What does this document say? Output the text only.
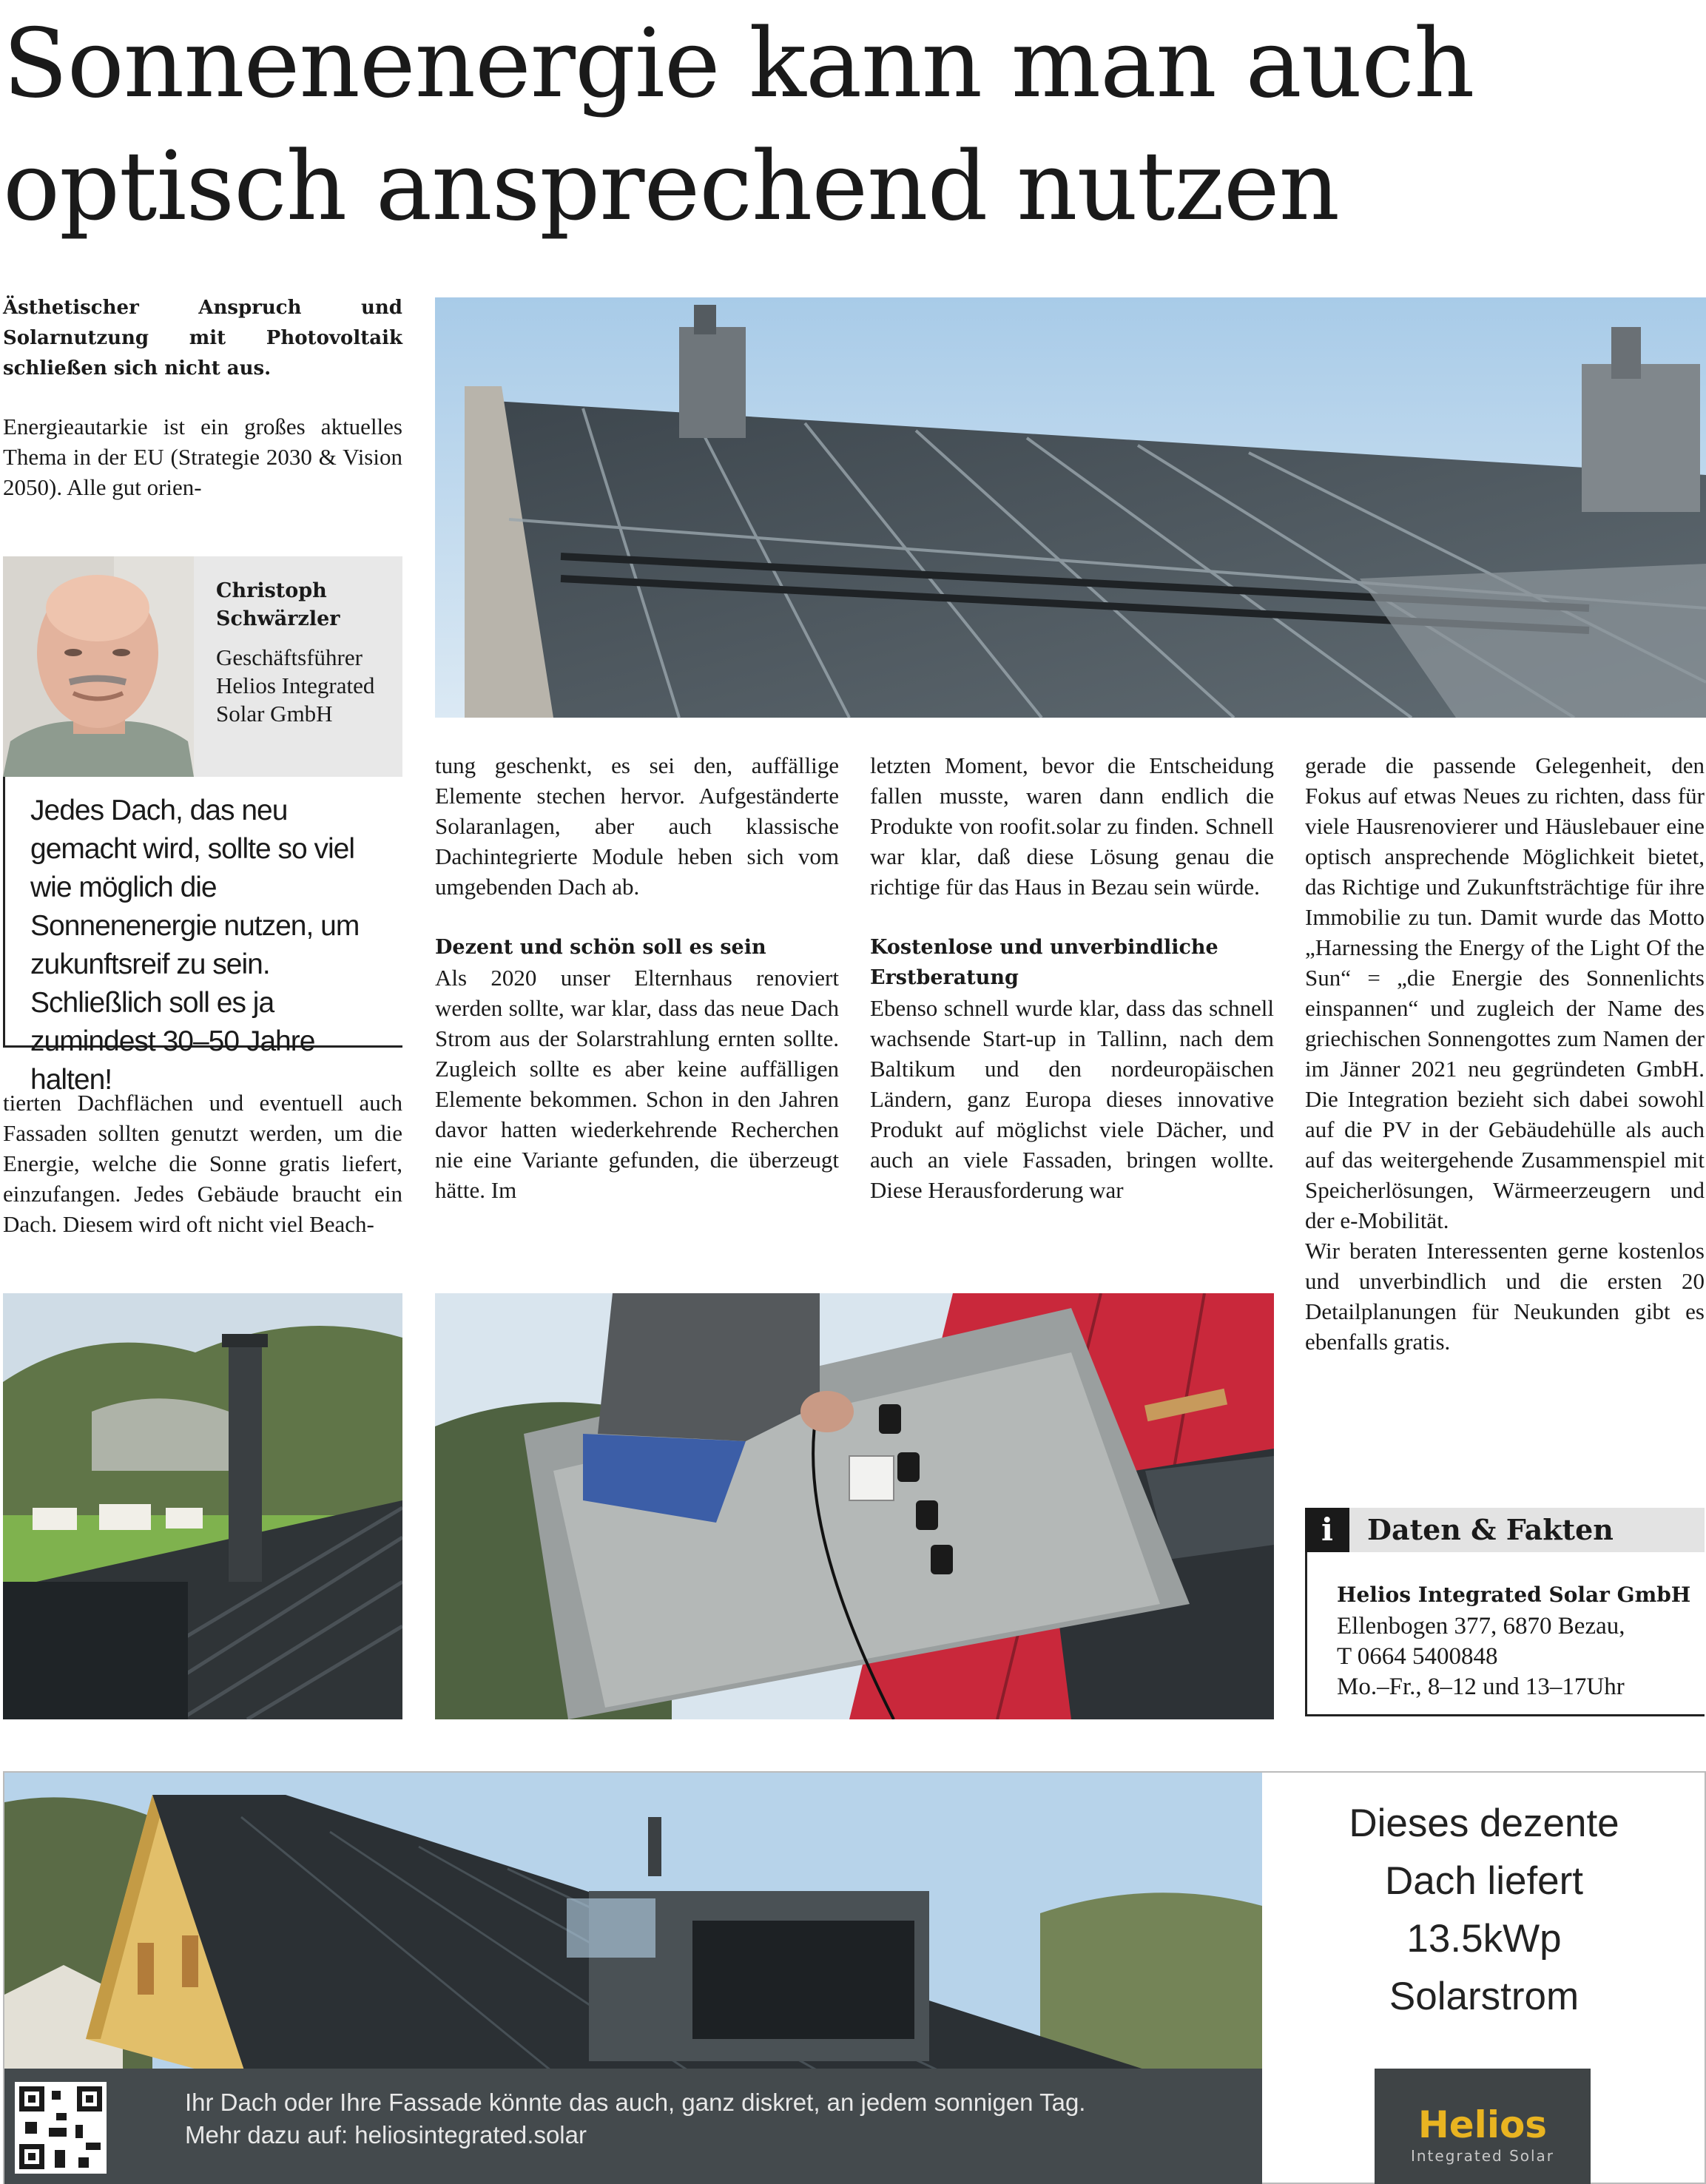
Sonnenenergie kann man auch
optisch ansprechend nutzen

Ästhetischer Anspruch und Solarnutzung mit Photovoltaik schließen sich nicht aus.

Energieautarkie ist ein großes aktuelles Thema in der EU (Strategie 2030 & Vision 2050). Alle gut orien-

Christoph Schwärzler

Geschäftsführer Helios Integrated Solar GmbH

Jedes Dach, das neu gemacht wird, sollte so viel wie möglich die Sonnenenergie nutzen, um zukunftsreif zu sein. Schließlich soll es ja zumindest 30–50 Jahre halten!

tierten Dachflächen und eventuell auch Fassaden sollten genutzt werden, um die Energie, welche die Sonne gratis liefert, einzufangen. Jedes Gebäude braucht ein Dach. Diesem wird oft nicht viel Beach-

tung geschenkt, es sei den, auffällige Elemente stechen hervor. Aufgeständerte Solaranlagen, aber auch klassische Dachintegrierte Module heben sich vom umgebenden Dach ab.

Dezent und schön soll es sein

Als 2020 unser Elternhaus renoviert werden sollte, war klar, dass das neue Dach Strom aus der Solarstrahlung ernten sollte. Zugleich sollte es aber keine auffälligen Elemente bekommen. Schon in den Jahren davor hatten wiederkehrende Recherchen nie eine Variante gefunden, die überzeugt hätte. Im

letzten Moment, bevor die Entscheidung fallen musste, waren dann endlich die Produkte von roofit.solar zu finden. Schnell war klar, daß diese Lösung genau die richtige für das Haus in Bezau sein würde.

Kostenlose und unverbindliche Erstberatung

Ebenso schnell wurde klar, dass das schnell wachsende Start-up in Tallinn, nach dem Baltikum und den nordeuropäischen Ländern, ganz Europa dieses innovative Produkt auf möglichst viele Dächer, und auch an viele Fassaden, bringen wollte. Diese Herausforderung war

gerade die passende Gelegenheit, den Fokus auf etwas Neues zu richten, dass für viele Hausrenovierer und Häuslebauer eine optisch ansprechende Möglichkeit bietet, das Richtige und Zukunftsträchtige für ihre Immobilie zu tun. Damit wurde das Motto „Harnessing the Energy of the Light Of the Sun“ = „die Energie des Sonnenlichts einspannen“ und zugleich der Name des griechischen Sonnengottes zum Namen der im Jänner 2021 neu gegründeten GmbH. Die Integration bezieht sich dabei sowohl auf die PV in der Gebäudehülle als auch auf das weitergehende Zusammenspiel mit Speicherlösungen, Wärmeerzeugern und der e-Mobilität.

Wir beraten Interessenten gerne kostenlos und unverbindlich und die ersten 20 Detailplanungen für Neukunden gibt es ebenfalls gratis.

i	Daten & Fakten

Helios Integrated Solar GmbH

Ellenbogen 377, 6870 Bezau,

T 0664 5400848

Mo.–Fr., 8–12 und 13–17Uhr

Ihr Dach oder Ihre Fassade könnte das auch, ganz diskret, an jedem sonnigen Tag.
Mehr dazu auf: heliosintegrated.solar
Dieses dezente
Dach liefert
13.5kWp
Solarstrom
Helios
Integrated Solar
